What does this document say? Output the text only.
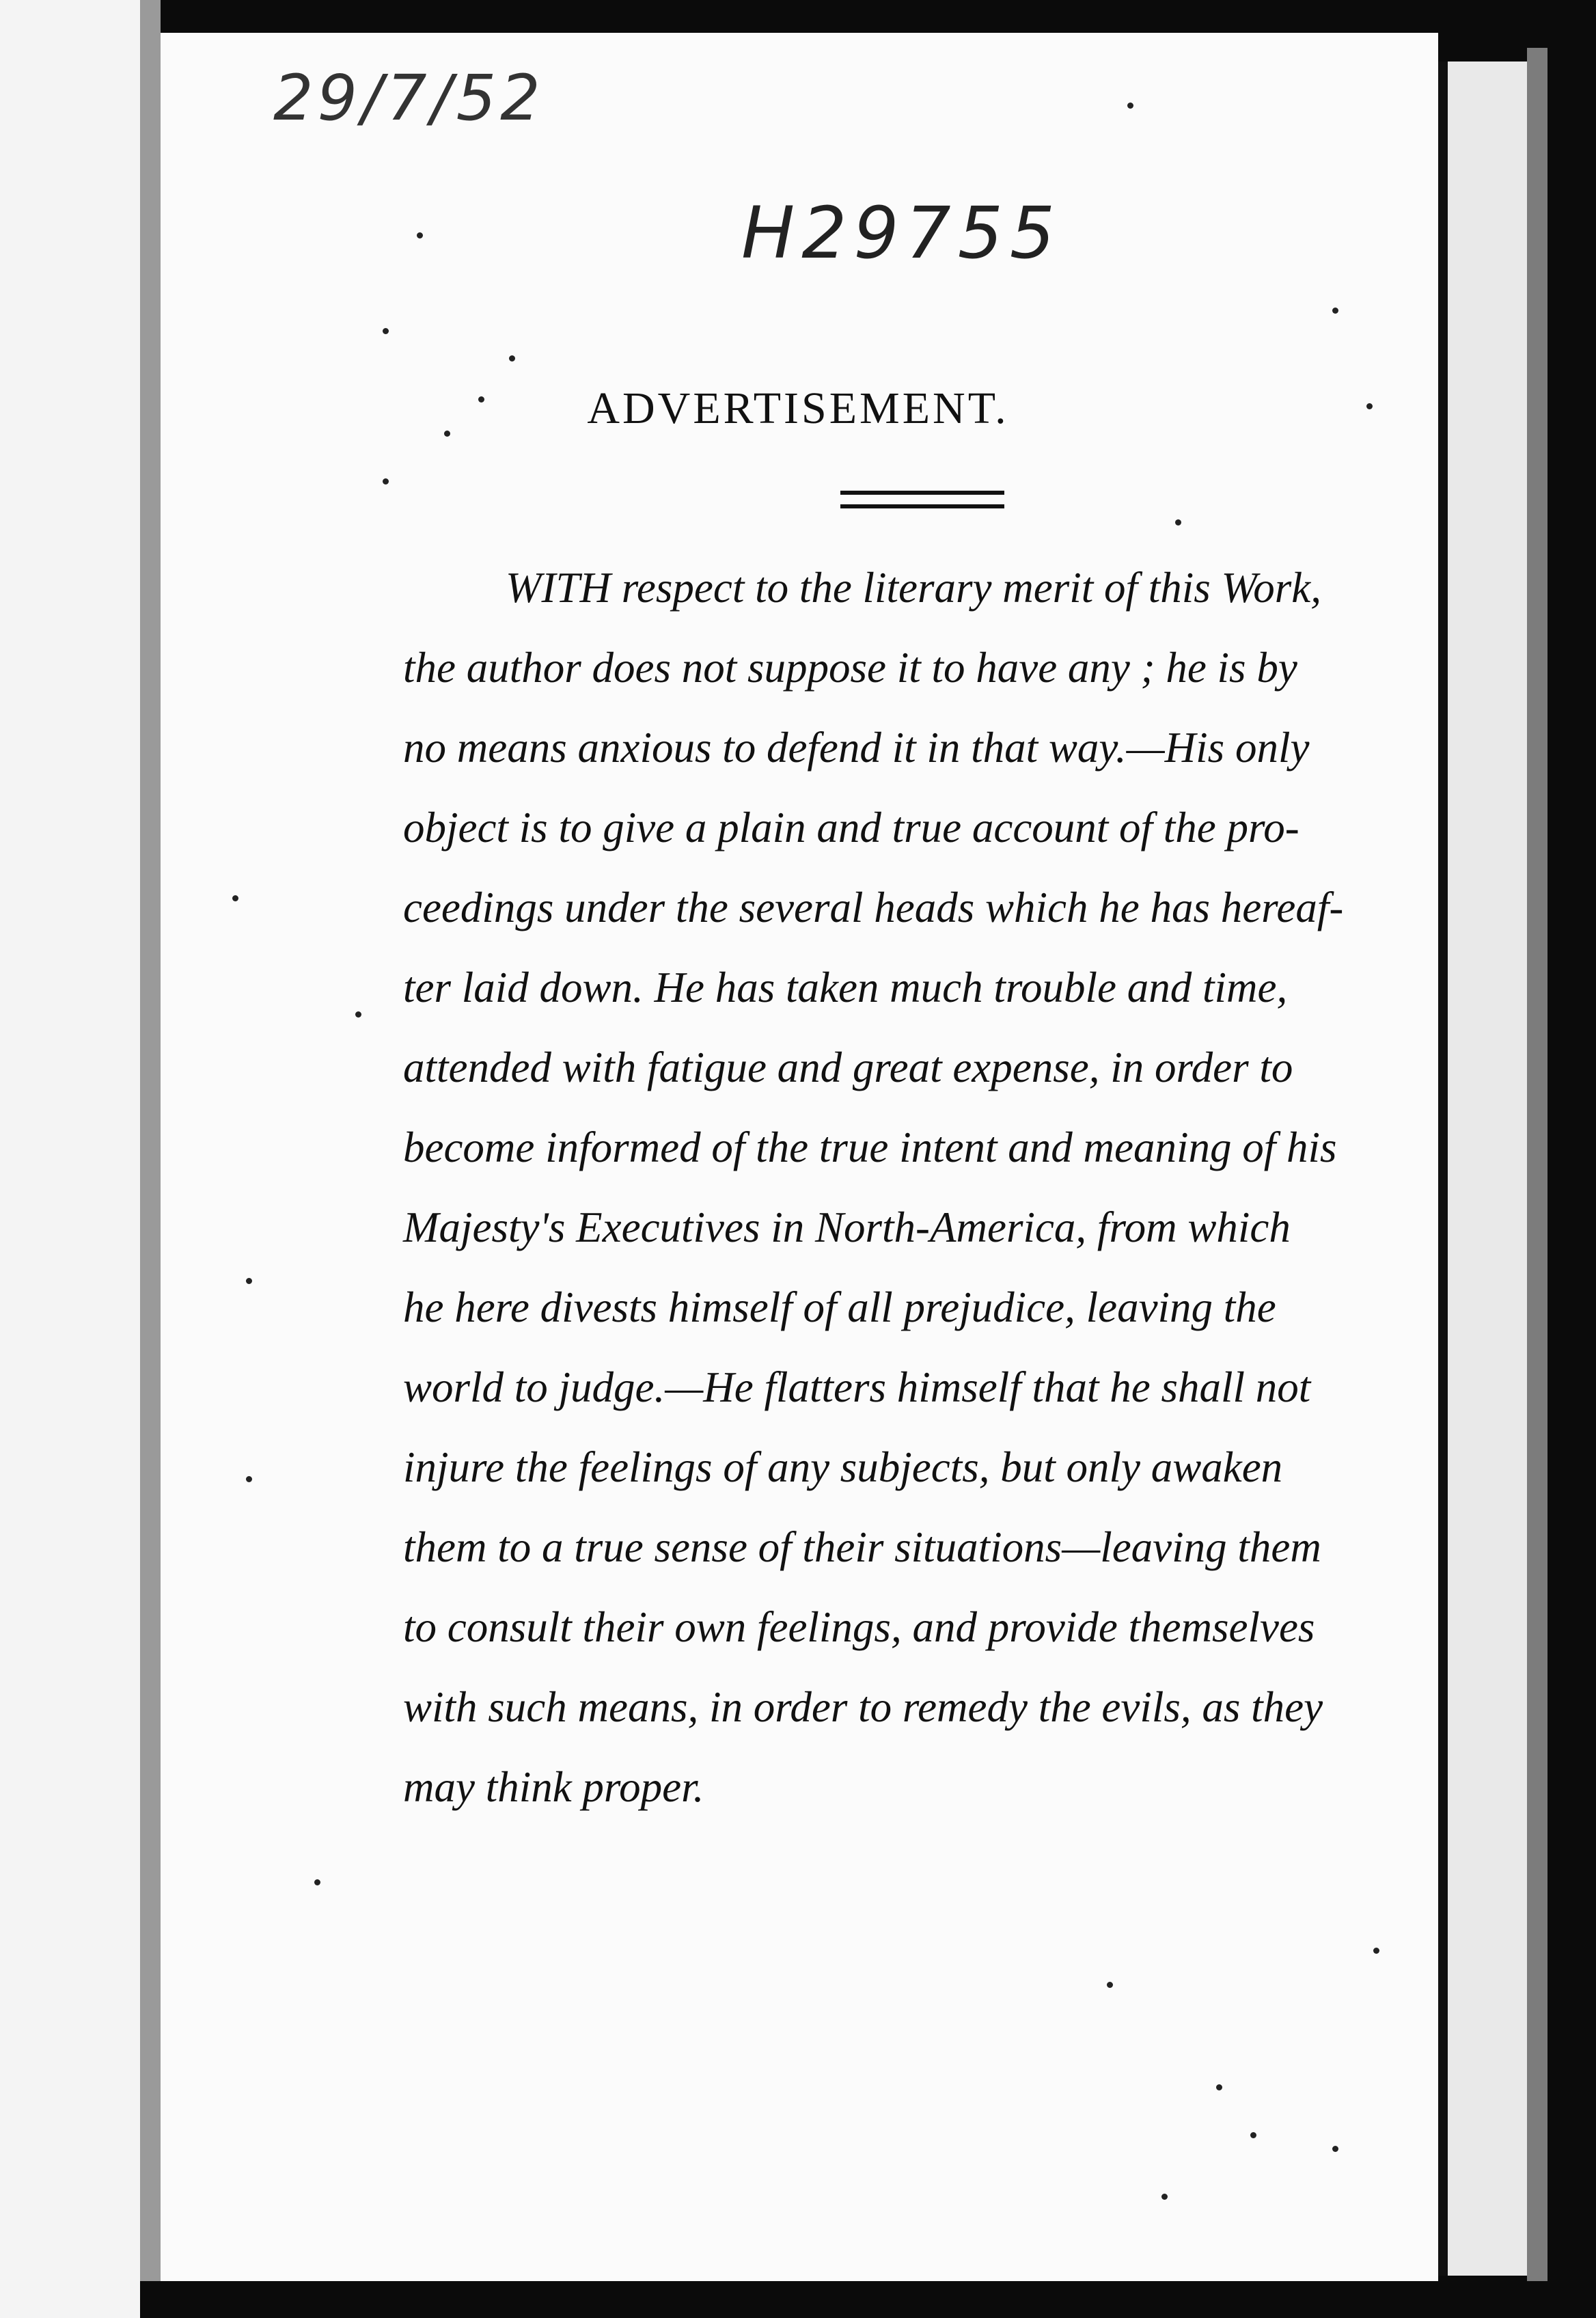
29/7/52
H29755
ADVERTISEMENT.
WITH respect to the literary merit of this Work,
the author does not suppose it to have any ; he is by
no means anxious to defend it in that way.—His only
object is to give a plain and true account of the pro-
ceedings under the several heads which he has hereaf-
ter laid down. He has taken much trouble and time,
attended with fatigue and great expense, in order to
become informed of the true intent and meaning of his
Majesty's Executives in North-America, from which
he here divests himself of all prejudice, leaving the
world to judge.—He flatters himself that he shall not
injure the feelings of any subjects, but only awaken
them to a true sense of their situations—leaving them
to consult their own feelings, and provide themselves
with such means, in order to remedy the evils, as they
may think proper.
